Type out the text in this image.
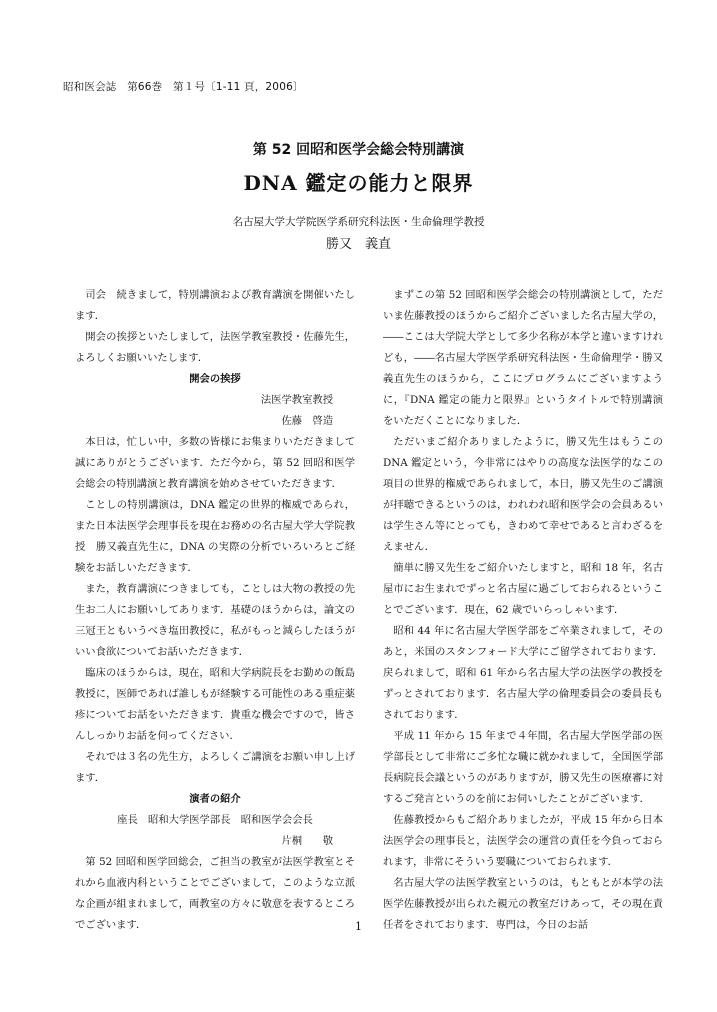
昭和医会誌　第66巻　第１号〔1-11 頁，2006〕
第 52 回昭和医学会総会特別講演
DNA 鑑定の能力と限界
名古屋大学大学院医学系研究科法医・生命倫理学教授
勝又　義直

司会　続きまして，特別講演および教育講演を開催いたします．

開会の挨拶といたしまして，法医学教室教授・佐藤先生，よろしくお願いいたします．

開会の挨拶

法医学教室教授

佐藤　啓造

本日は，忙しい中，多数の皆様にお集まりいただきまして誠にありがとうございます．ただ今から，第 52 回昭和医学会総会の特別講演と教育講演を始めさせていただきます．

ことしの特別講演は，DNA 鑑定の世界的権威であられ，また日本法医学会理事長を現在お務めの名古屋大学大学院教授　勝又義直先生に，DNA の実際の分析でいろいろとご経験をお話しいただきます．

また，教育講演につきましても，ことしは大物の教授の先生お二人にお願いしてあります．基礎のほうからは，論文の三冠王ともいうべき塩田教授に，私がもっと減らしたほうがいい食欲についてお話いただきます．

臨床のほうからは，現在，昭和大学病院長をお勤めの飯島教授に，医師であれば誰しもが経験する可能性のある重症薬疹についてお話をいただきます．貴重な機会ですので，皆さんしっかりお話を伺ってください．

それでは３名の先生方，よろしくご講演をお願い申し上げます．

演者の紹介

座長　昭和大学医学部長　昭和医学会会長

片桐　　敬

第 52 回昭和医学回総会，ご担当の教室が法医学教室とそれから血液内科ということでございまして，このような立派な企画が組まれまして，両教室の方々に敬意を表するところでございます．

まずこの第 52 回昭和医学会総会の特別講演として，ただいま佐藤教授のほうからご紹介ございました名古屋大学の，――ここは大学院大学として多少名称が本学と違いますけれども，――名古屋大学医学系研究科法医・生命倫理学・勝又義直先生のほうから，ここにプログラムにございますように，『DNA 鑑定の能力と限界』というタイトルで特別講演をいただくことになりました．

ただいまご紹介ありましたように，勝又先生はもうこの DNA 鑑定という，今非常にはやりの高度な法医学的なこの項目の世界的権威であられまして，本日，勝又先生のご講演が拝聴できるというのは，われわれ昭和医学会の会員あるいは学生さん等にとっても，きわめて幸せであると言わざるをえません．

簡単に勝又先生をご紹介いたしますと，昭和 18 年，名古屋市にお生まれでずっと名古屋に過ごしておられるということでございます．現在，62 歳でいらっしゃいます．

昭和 44 年に名古屋大学医学部をご卒業されまして，そのあと，米国のスタンフォード大学にご留学されております．戻られまして，昭和 61 年から名古屋大学の法医学の教授をずっとされております．名古屋大学の倫理委員会の委員長もされております．

平成 11 年から 15 年まで４年間，名古屋大学医学部の医学部長として非常にご多忙な職に就かれまして，全国医学部長病院長会議というのがありますが，勝又先生の医療審に対するご発言というのを前にお伺いしたことがございます．

佐藤教授からもご紹介ありましたが，平成 15 年から日本法医学会の理事長と，法医学会の運営の責任を今負っておられます，非常にそういう要職についておられます．

名古屋大学の法医学教室というのは，もともとが本学の法医学佐藤教授が出られた親元の教室だけあって，その現在責任者をされております．専門は，今日のお話

1
